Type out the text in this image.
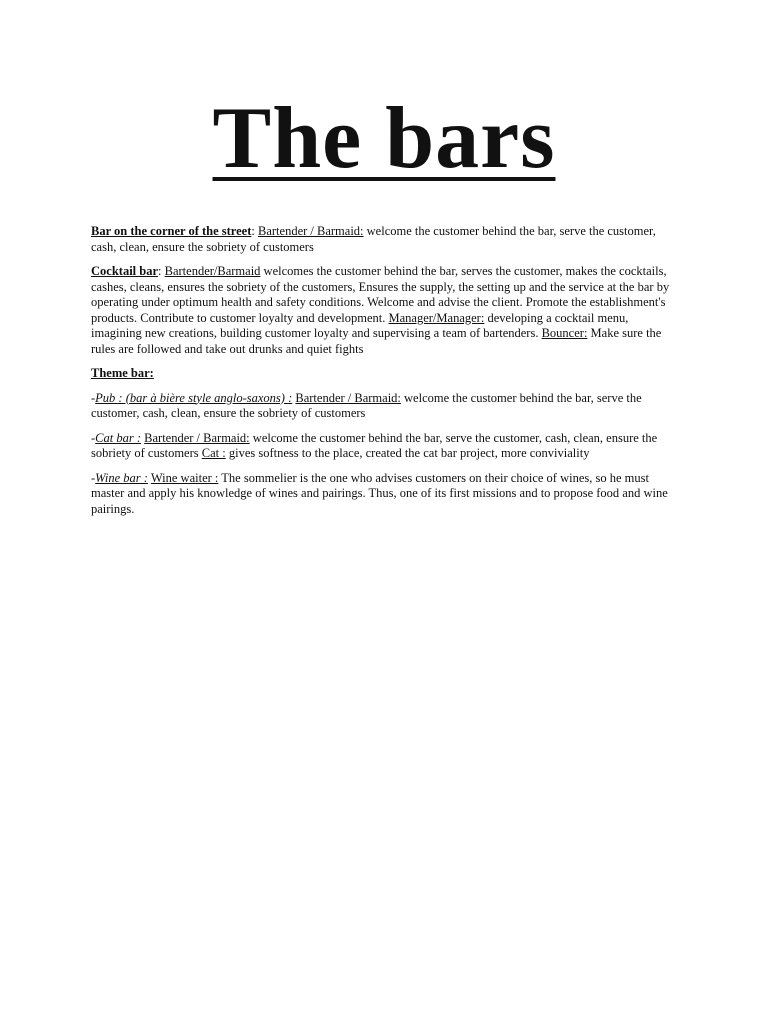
The bars

Bar on the corner of the street: Bartender / Barmaid: welcome the customer behind the bar, serve the customer, cash, clean, ensure the sobriety of customers

Cocktail bar: Bartender/Barmaid welcomes the customer behind the bar, serves the customer, makes the cocktails, cashes, cleans, ensures the sobriety of the customers, Ensures the supply, the setting up and the service at the bar by operating under optimum health and safety conditions. Welcome and advise the client. Promote the establishment's products. Contribute to customer loyalty and development. Manager/Manager: developing a cocktail menu, imagining new creations, building customer loyalty and supervising a team of bartenders. Bouncer: Make sure the rules are followed and take out drunks and quiet fights

Theme bar:

-Pub : (bar à bière style anglo-saxons) : Bartender / Barmaid: welcome the customer behind the bar, serve the customer, cash, clean, ensure the sobriety of customers

-Cat bar : Bartender / Barmaid: welcome the customer behind the bar, serve the customer, cash, clean, ensure the sobriety of customers Cat : gives softness to the place, created the cat bar project, more conviviality

-Wine bar : Wine waiter : The sommelier is the one who advises customers on their choice of wines, so he must master and apply his knowledge of wines and pairings. Thus, one of its first missions and to propose food and wine pairings.
